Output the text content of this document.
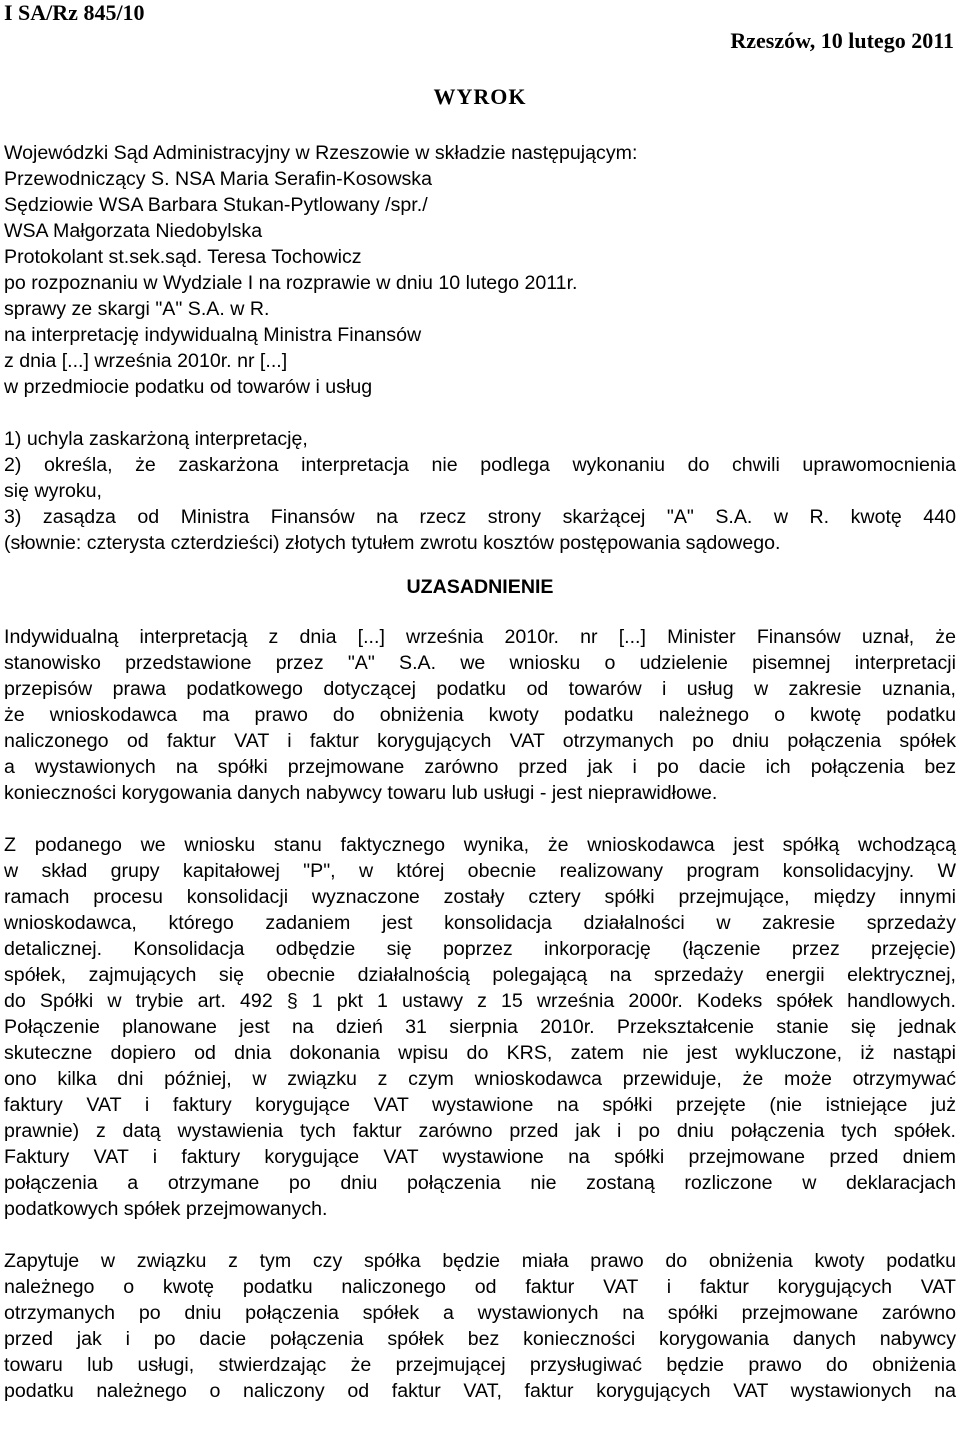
I SA/Rz 845/10
Rzeszów, 10 lutego 2011
WYROK
Wojewódzki Sąd Administracyjny w Rzeszowie w składzie następującym:
Przewodniczący S. NSA Maria Serafin-Kosowska
Sędziowie WSA Barbara Stukan-Pytlowany /spr./
WSA Małgorzata Niedobylska
Protokolant st.sek.sąd. Teresa Tochowicz
po rozpoznaniu w Wydziale I na rozprawie w dniu 10 lutego 2011r.
sprawy ze skargi "A" S.A. w R.
na interpretację indywidualną Ministra Finansów
z dnia [...] września 2010r. nr [...]
w przedmiocie podatku od towarów i usług
1) uchyla zaskarżoną interpretację,
2) określa, że zaskarżona interpretacja nie podlega wykonaniu do chwili uprawomocnienia
się wyroku,
3) zasądza od Ministra Finansów na rzecz strony skarżącej "A" S.A. w R. kwotę 440
(słownie: czterysta czterdzieści) złotych tytułem zwrotu kosztów postępowania sądowego.
UZASADNIENIE
Indywidualną interpretacją z dnia [...] września 2010r. nr [...] Minister Finansów uznał, że
stanowisko przedstawione przez "A" S.A. we wniosku o udzielenie pisemnej interpretacji
przepisów prawa podatkowego dotyczącej podatku od towarów i usług w zakresie uznania,
że wnioskodawca ma prawo do obniżenia kwoty podatku należnego o kwotę podatku
naliczonego od faktur VAT i faktur korygujących VAT otrzymanych po dniu połączenia spółek
a wystawionych na spółki przejmowane zarówno przed jak i po dacie ich połączenia bez
konieczności korygowania danych nabywcy towaru lub usługi - jest nieprawidłowe.
Z podanego we wniosku stanu faktycznego wynika, że wnioskodawca jest spółką wchodzącą
w skład grupy kapitałowej "P", w której obecnie realizowany program konsolidacyjny. W
ramach procesu konsolidacji wyznaczone zostały cztery spółki przejmujące, między innymi
wnioskodawca, którego zadaniem jest konsolidacja działalności w zakresie sprzedaży
detalicznej. Konsolidacja odbędzie się poprzez inkorporację (łączenie przez przejęcie)
spółek, zajmujących się obecnie działalnością polegającą na sprzedaży energii elektrycznej,
do Spółki w trybie art. 492 § 1 pkt 1 ustawy z 15 września 2000r. Kodeks spółek handlowych.
Połączenie planowane jest na dzień 31 sierpnia 2010r. Przekształcenie stanie się jednak
skuteczne dopiero od dnia dokonania wpisu do KRS, zatem nie jest wykluczone, iż nastąpi
ono kilka dni później, w związku z czym wnioskodawca przewiduje, że może otrzymywać
faktury VAT i faktury korygujące VAT wystawione na spółki przejęte (nie istniejące już
prawnie) z datą wystawienia tych faktur zarówno przed jak i po dniu połączenia tych spółek.
Faktury VAT i faktury korygujące VAT wystawione na spółki przejmowane przed dniem
połączenia a otrzymane po dniu połączenia nie zostaną rozliczone w deklaracjach
podatkowych spółek przejmowanych.
Zapytuje w związku z tym czy spółka będzie miała prawo do obniżenia kwoty podatku
należnego o kwotę podatku naliczonego od faktur VAT i faktur korygujących VAT
otrzymanych po dniu połączenia spółek a wystawionych na spółki przejmowane zarówno
przed jak i po dacie połączenia spółek bez konieczności korygowania danych nabywcy
towaru lub usługi, stwierdzając że przejmującej przysługiwać będzie prawo do obniżenia
podatku należnego o naliczony od faktur VAT, faktur korygujących VAT wystawionych na
